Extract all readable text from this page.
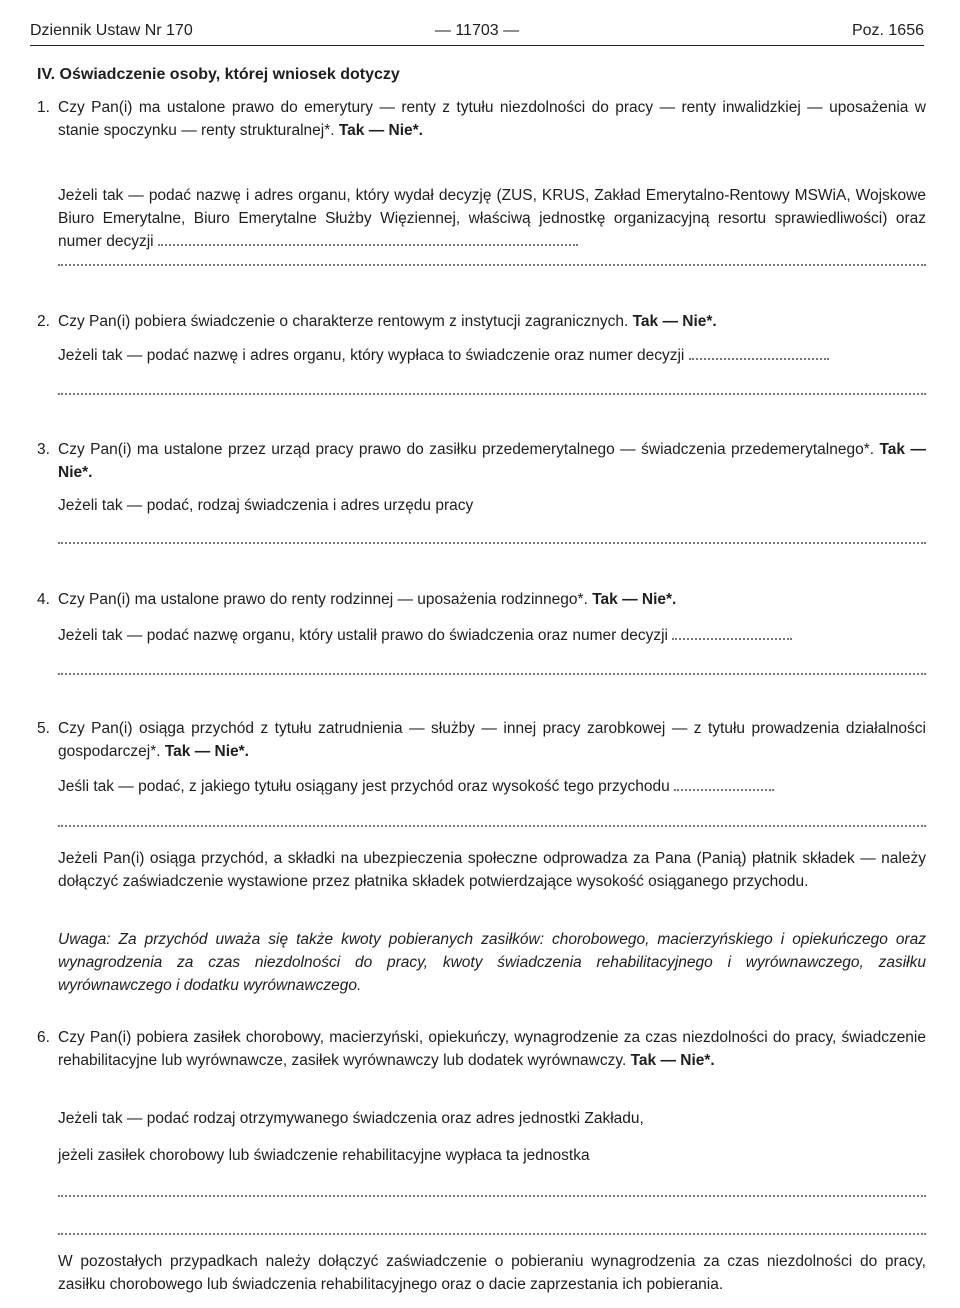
Dziennik Ustaw Nr 170	— 11703 —	Poz. 1656
IV. Oświadczenie osoby, której wniosek dotyczy
1. Czy Pan(i) ma ustalone prawo do emerytury — renty z tytułu niezdolności do pracy — renty inwalidzkiej — uposażenia w stanie spoczynku — renty strukturalnej*. Tak — Nie*.
Jeżeli tak — podać nazwę i adres organu, który wydał decyzję (ZUS, KRUS, Zakład Emerytalno-Rentowy MSWiA, Wojskowe Biuro Emerytalne, Biuro Emerytalne Służby Więziennej, właściwą jednostkę organizacyjną resortu sprawiedliwości) oraz numer decyzji
2. Czy Pan(i) pobiera świadczenie o charakterze rentowym z instytucji zagranicznych. Tak — Nie*.
Jeżeli tak — podać nazwę i adres organu, który wypłaca to świadczenie oraz numer decyzji
3. Czy Pan(i) ma ustalone przez urząd pracy prawo do zasiłku przedemerytalnego — świadczenia przedemerytalnego*. Tak — Nie*.
Jeżeli tak — podać, rodzaj świadczenia i adres urzędu pracy
4. Czy Pan(i) ma ustalone prawo do renty rodzinnej — uposażenia rodzinnego*. Tak — Nie*.
Jeżeli tak — podać nazwę organu, który ustalił prawo do świadczenia oraz numer decyzji
5. Czy Pan(i) osiąga przychód z tytułu zatrudnienia — służby — innej pracy zarobkowej — z tytułu prowadzenia działalności gospodarczej*. Tak — Nie*.
Jeśli tak — podać, z jakiego tytułu osiągany jest przychód oraz wysokość tego przychodu
Jeżeli Pan(i) osiąga przychód, a składki na ubezpieczenia społeczne odprowadza za Pana (Panią) płatnik składek — należy dołączyć zaświadczenie wystawione przez płatnika składek potwierdzające wysokość osiąganego przychodu.
Uwaga: Za przychód uważa się także kwoty pobieranych zasiłków: chorobowego, macierzyńskiego i opiekuńczego oraz wynagrodzenia za czas niezdolności do pracy, kwoty świadczenia rehabilitacyjnego i wyrównawczego, zasiłku wyrównawczego i dodatku wyrównawczego.
6. Czy Pan(i) pobiera zasiłek chorobowy, macierzyński, opiekuńczy, wynagrodzenie za czas niezdolności do pracy, świadczenie rehabilitacyjne lub wyrównawcze, zasiłek wyrównawczy lub dodatek wyrównawczy. Tak — Nie*.
Jeżeli tak — podać rodzaj otrzymywanego świadczenia oraz adres jednostki Zakładu,
jeżeli zasiłek chorobowy lub świadczenie rehabilitacyjne wypłaca ta jednostka
W pozostałych przypadkach należy dołączyć zaświadczenie o pobieraniu wynagrodzenia za czas niezdolności do pracy, zasiłku chorobowego lub świadczenia rehabilitacyjnego oraz o dacie zaprzestania ich pobierania.
